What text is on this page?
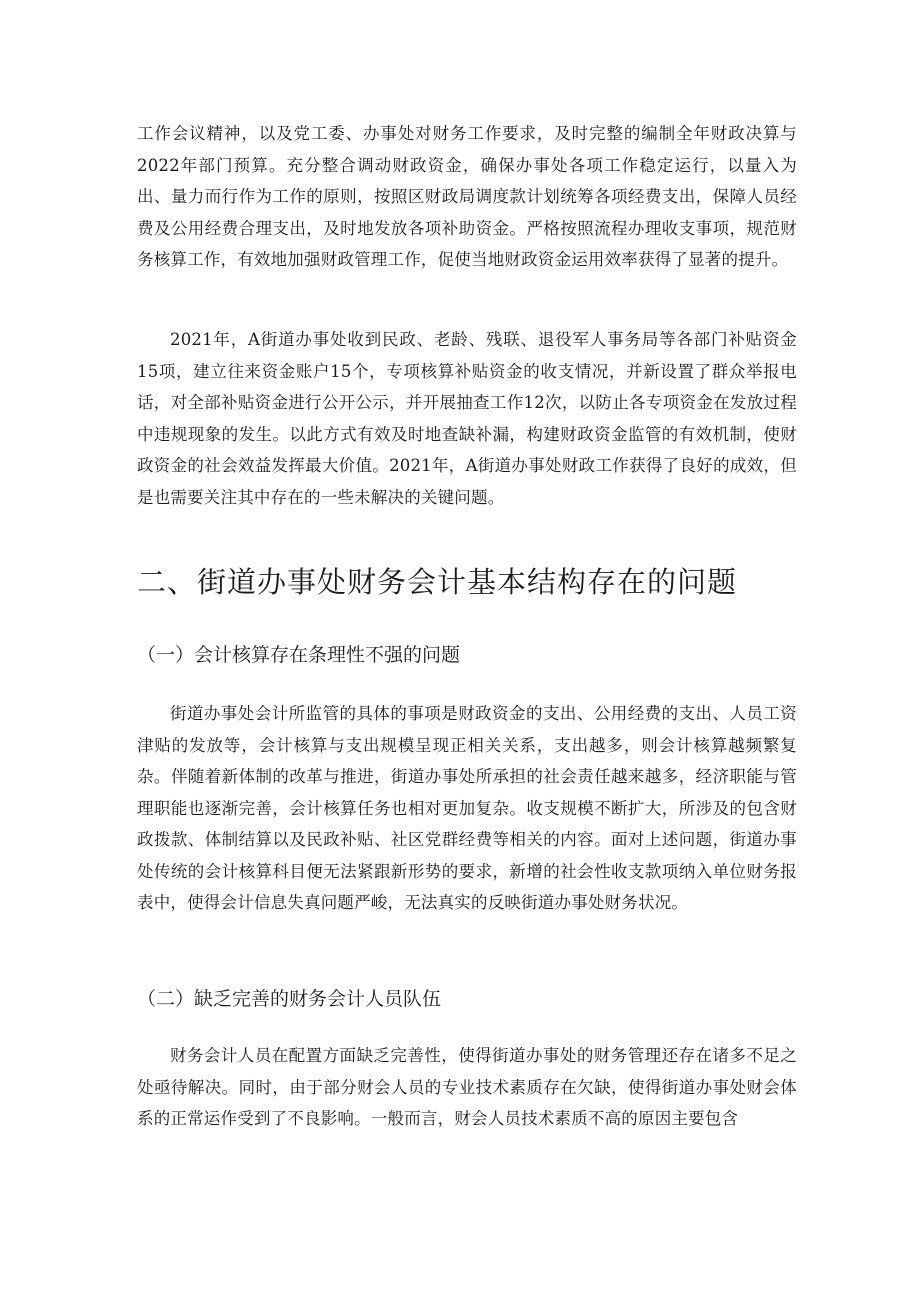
工作会议精神，以及党工委、办事处对财务工作要求，及时完整的编制全年财政决算与2022年部门预算。充分整合调动财政资金，确保办事处各项工作稳定运行，以量入为出、量力而行作为工作的原则，按照区财政局调度款计划统筹各项经费支出，保障人员经费及公用经费合理支出，及时地发放各项补助资金。严格按照流程办理收支事项，规范财务核算工作，有效地加强财政管理工作，促使当地财政资金运用效率获得了显著的提升。

2021年，A街道办事处收到民政、老龄、残联、退役军人事务局等各部门补贴资金15项，建立往来资金账户15个，专项核算补贴资金的收支情况，并新设置了群众举报电话，对全部补贴资金进行公开公示，并开展抽查工作12次，以防止各专项资金在发放过程中违规现象的发生。以此方式有效及时地查缺补漏，构建财政资金监管的有效机制，使财政资金的社会效益发挥最大价值。2021年，A街道办事处财政工作获得了良好的成效，但是也需要关注其中存在的一些未解决的关键问题。

二、街道办事处财务会计基本结构存在的问题
（一）会计核算存在条理性不强的问题

街道办事处会计所监管的具体的事项是财政资金的支出、公用经费的支出、人员工资津贴的发放等，会计核算与支出规模呈现正相关关系，支出越多，则会计核算越频繁复杂。伴随着新体制的改革与推进，街道办事处所承担的社会责任越来越多，经济职能与管理职能也逐渐完善，会计核算任务也相对更加复杂。收支规模不断扩大，所涉及的包含财政拨款、体制结算以及民政补贴、社区党群经费等相关的内容。面对上述问题，街道办事处传统的会计核算科目便无法紧跟新形势的要求，新增的社会性收支款项纳入单位财务报表中，使得会计信息失真问题严峻，无法真实的反映街道办事处财务状况。

（二）缺乏完善的财务会计人员队伍

财务会计人员在配置方面缺乏完善性，使得街道办事处的财务管理还存在诸多不足之处亟待解决。同时，由于部分财会人员的专业技术素质存在欠缺，使得街道办事处财会体系的正常运作受到了不良影响。一般而言，财会人员技术素质不高的原因主要包含
